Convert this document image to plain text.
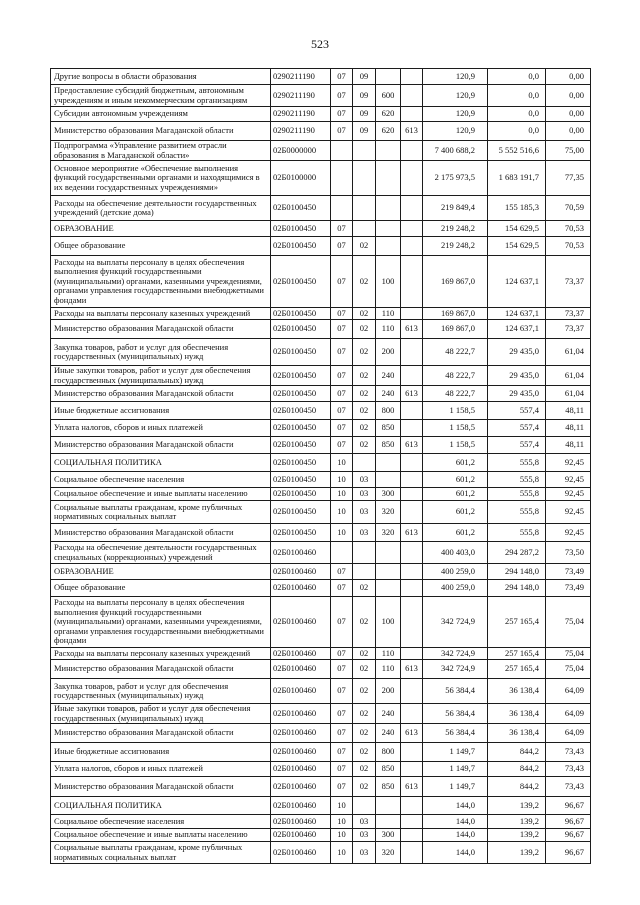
523
Другие вопросы в области образования	0290211190	07	09			120,9	0,0	0,00
Предоставление субсидий бюджетным, автономным учреждениям и иным некоммерческим организациям	0290211190	07	09	600		120,9	0,0	0,00
Субсидии автономным учреждениям	0290211190	07	09	620		120,9	0,0	0,00
Министерство образования Магаданской области	0290211190	07	09	620	613	120,9	0,0	0,00
Подпрограмма «Управление развитием отрасли образования в Магаданской области»	02Б0000000					7 400 688,2	5 552 516,6	75,00
Основное мероприятие «Обеспечение выполнения функций государственными органами и находящимися в их ведении государственных учреждениями»	02Б0100000					2 175 973,5	1 683 191,7	77,35
Расходы на обеспечение деятельности государственных учреждений (детские дома)	02Б0100450					219 849,4	155 185,3	70,59
ОБРАЗОВАНИЕ	02Б0100450	07				219 248,2	154 629,5	70,53
Общее образование	02Б0100450	07	02			219 248,2	154 629,5	70,53
Расходы на выплаты персоналу в целях обеспечения выполнения функций государственными (муниципальными) органами, казенными учреждениями, органами управления государственными внебюджетными фондами	02Б0100450	07	02	100		169 867,0	124 637,1	73,37
Расходы на выплаты персоналу казенных учреждений	02Б0100450	07	02	110		169 867,0	124 637,1	73,37
Министерство образования Магаданской области	02Б0100450	07	02	110	613	169 867,0	124 637,1	73,37
Закупка товаров, работ и услуг для обеспечения государственных (муниципальных) нужд	02Б0100450	07	02	200		48 222,7	29 435,0	61,04
Иные закупки товаров, работ и услуг для обеспечения государственных (муниципальных) нужд	02Б0100450	07	02	240		48 222,7	29 435,0	61,04
Министерство образования Магаданской области	02Б0100450	07	02	240	613	48 222,7	29 435,0	61,04
Иные бюджетные ассигнования	02Б0100450	07	02	800		1 158,5	557,4	48,11
Уплата налогов, сборов и иных платежей	02Б0100450	07	02	850		1 158,5	557,4	48,11
Министерство образования Магаданской области	02Б0100450	07	02	850	613	1 158,5	557,4	48,11
СОЦИАЛЬНАЯ ПОЛИТИКА	02Б0100450	10				601,2	555,8	92,45
Социальное обеспечение населения	02Б0100450	10	03			601,2	555,8	92,45
Социальное обеспечение и иные выплаты населению	02Б0100450	10	03	300		601,2	555,8	92,45
Социальные выплаты гражданам, кроме публичных нормативных социальных выплат	02Б0100450	10	03	320		601,2	555,8	92,45
Министерство образования Магаданской области	02Б0100450	10	03	320	613	601,2	555,8	92,45
Расходы на обеспечение деятельности государственных специальных (коррекционных) учреждений	02Б0100460					400 403,0	294 287,2	73,50
ОБРАЗОВАНИЕ	02Б0100460	07				400 259,0	294 148,0	73,49
Общее образование	02Б0100460	07	02			400 259,0	294 148,0	73,49
Расходы на выплаты персоналу в целях обеспечения выполнения функций государственными (муниципальными) органами, казенными учреждениями, органами управления государственными внебюджетными фондами	02Б0100460	07	02	100		342 724,9	257 165,4	75,04
Расходы на выплаты персоналу казенных учреждений	02Б0100460	07	02	110		342 724,9	257 165,4	75,04
Министерство образования Магаданской области	02Б0100460	07	02	110	613	342 724,9	257 165,4	75,04
Закупка товаров, работ и услуг для обеспечения государственных (муниципальных) нужд	02Б0100460	07	02	200		56 384,4	36 138,4	64,09
Иные закупки товаров, работ и услуг для обеспечения государственных (муниципальных) нужд	02Б0100460	07	02	240		56 384,4	36 138,4	64,09
Министерство образования Магаданской области	02Б0100460	07	02	240	613	56 384,4	36 138,4	64,09
Иные бюджетные ассигнования	02Б0100460	07	02	800		1 149,7	844,2	73,43
Уплата налогов, сборов и иных платежей	02Б0100460	07	02	850		1 149,7	844,2	73,43
Министерство образования Магаданской области	02Б0100460	07	02	850	613	1 149,7	844,2	73,43
СОЦИАЛЬНАЯ ПОЛИТИКА	02Б0100460	10				144,0	139,2	96,67
Социальное обеспечение населения	02Б0100460	10	03			144,0	139,2	96,67
Социальное обеспечение и иные выплаты населению	02Б0100460	10	03	300		144,0	139,2	96,67
Социальные выплаты гражданам, кроме публичных нормативных социальных выплат	02Б0100460	10	03	320		144,0	139,2	96,67
